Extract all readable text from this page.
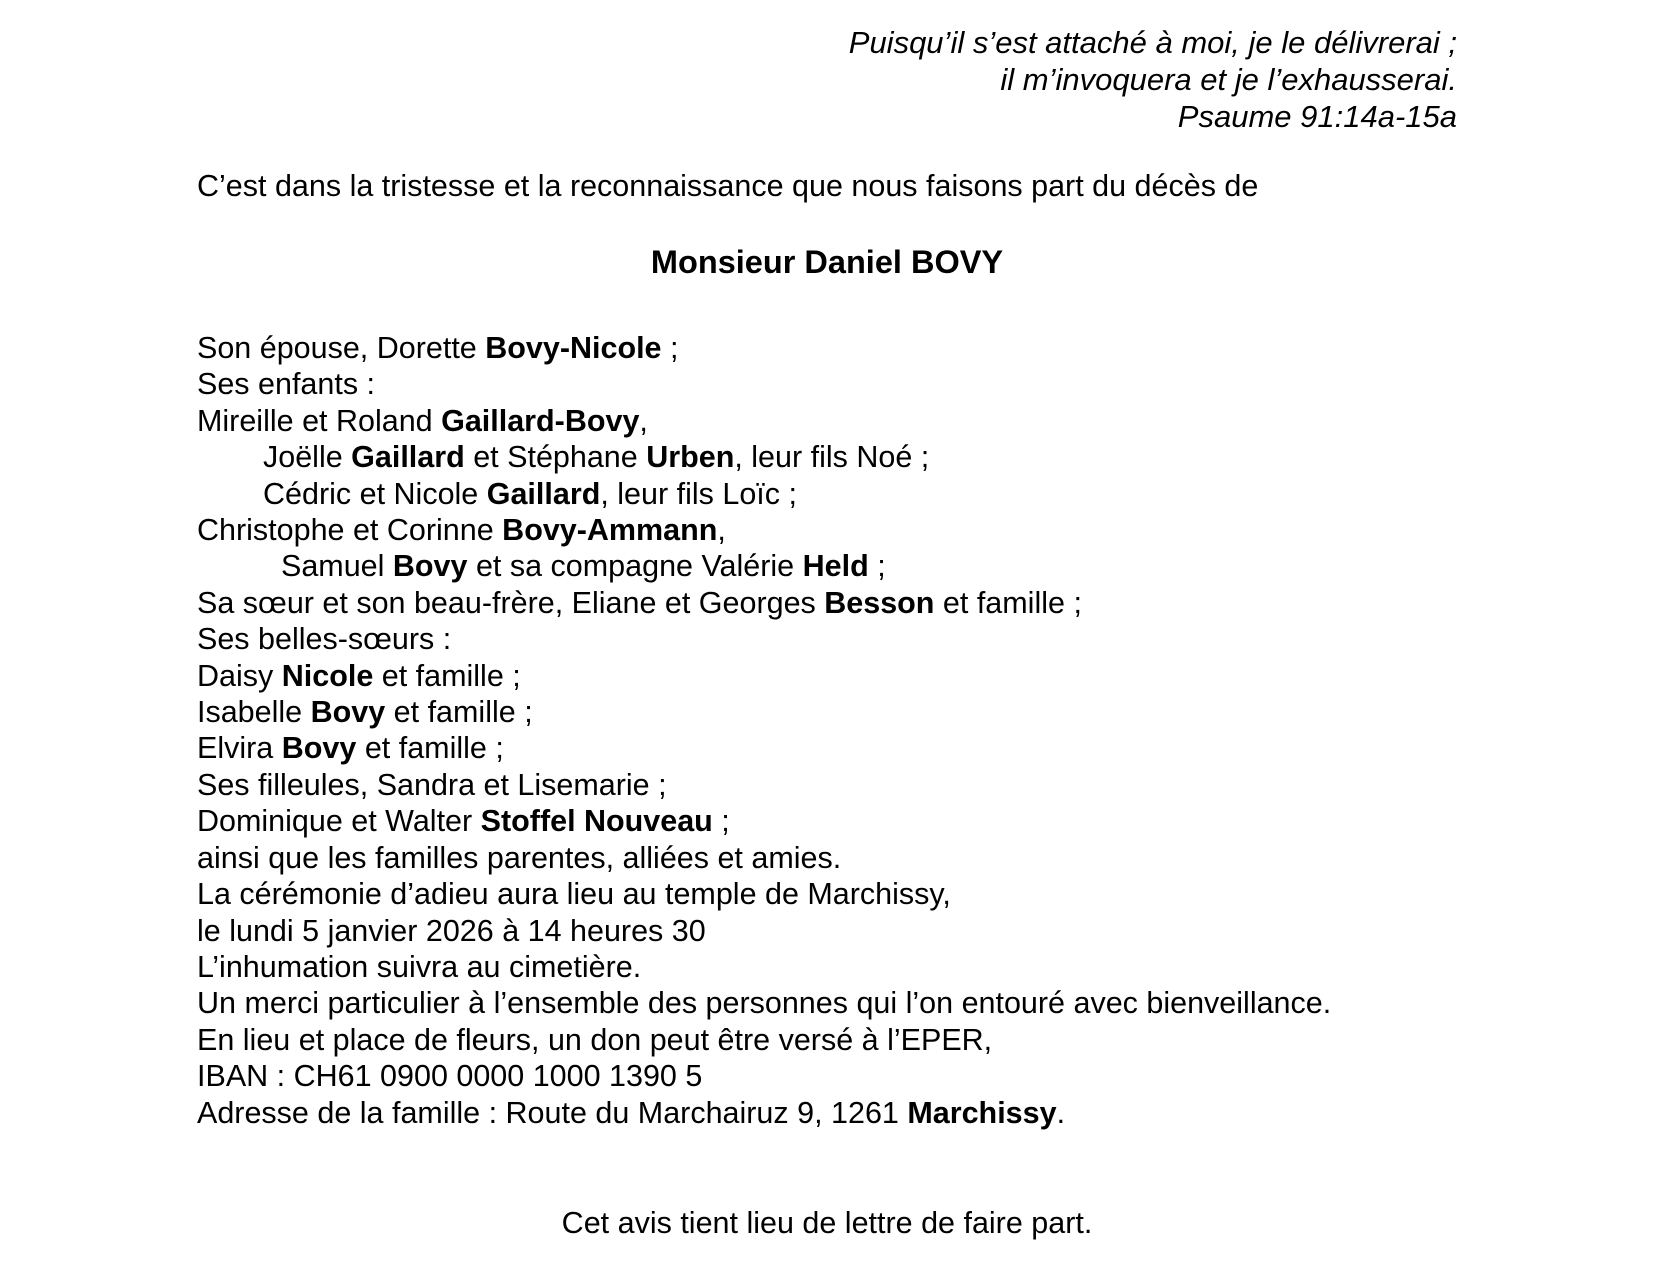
Puisqu’il s’est attaché à moi, je le délivrerai ;
il m’invoquera et je l’exhausserai.
Psaume 91:14a-15a

C’est dans la tristesse et la reconnaissance que nous faisons part du décès de

Monsieur Daniel BOVY
Son épouse, Dorette Bovy-Nicole ;
Ses enfants :
Mireille et Roland Gaillard-Bovy,
Joëlle Gaillard et Stéphane Urben, leur fils Noé ;
Cédric et Nicole Gaillard, leur fils Loïc ;
Christophe et Corinne Bovy-Ammann,
Samuel Bovy et sa compagne Valérie Held ;
Sa sœur et son beau-frère, Eliane et Georges Besson et famille ;
Ses belles-sœurs :
Daisy Nicole et famille ;
Isabelle Bovy et famille ;
Elvira Bovy et famille ;
Ses filleules, Sandra et Lisemarie ;
Dominique et Walter Stoffel Nouveau ;
ainsi que les familles parentes, alliées et amies.
La cérémonie d’adieu aura lieu au temple de Marchissy,
le lundi 5 janvier 2026 à 14 heures 30
L’inhumation suivra au cimetière.
Un merci particulier à l’ensemble des personnes qui l’on entouré avec bienveillance.
En lieu et place de fleurs, un don peut être versé à l’EPER,
IBAN : CH61 0900 0000 1000 1390 5
Adresse de la famille : Route du Marchairuz 9, 1261 Marchissy.

Cet avis tient lieu de lettre de faire part.
